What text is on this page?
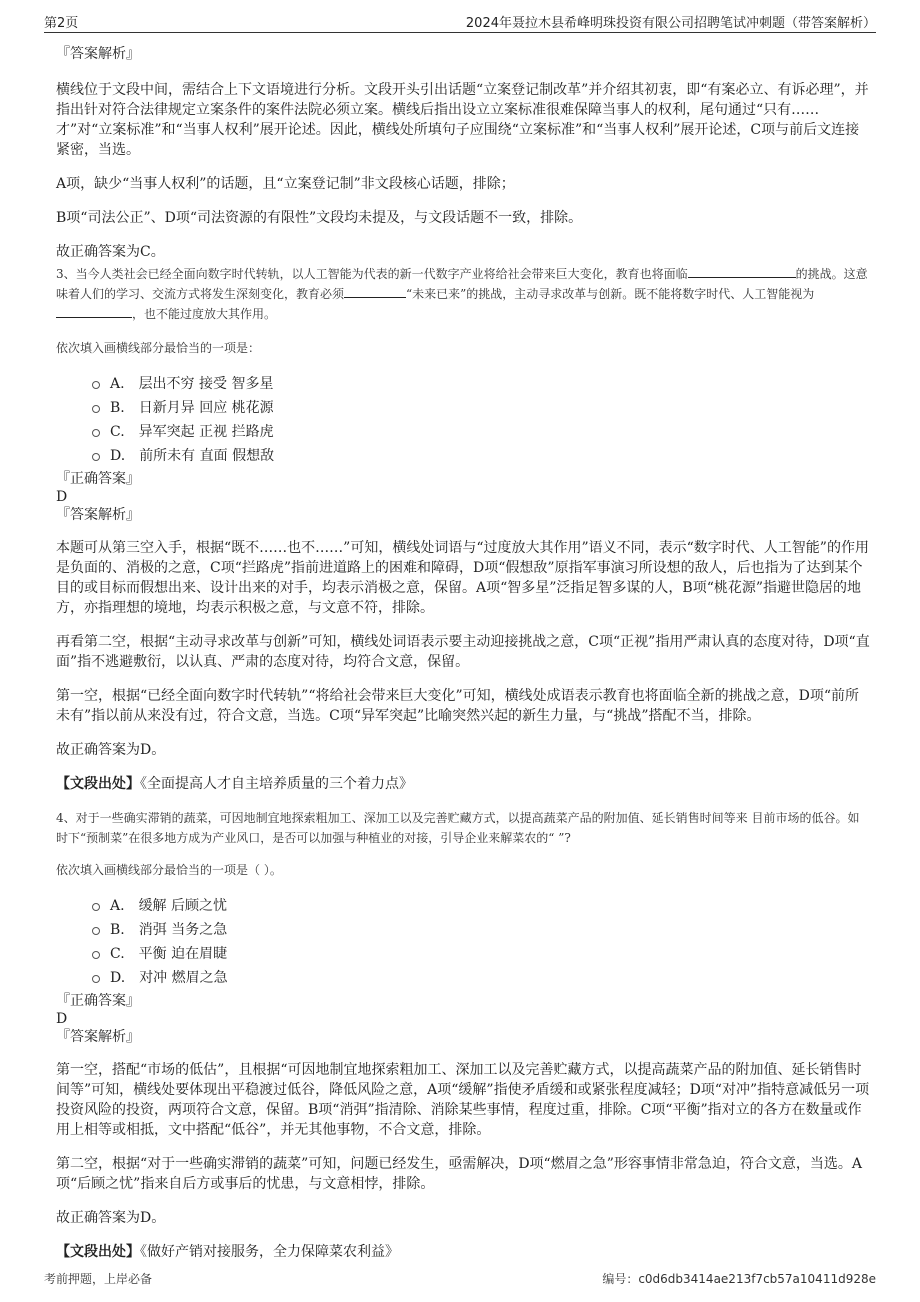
第2页	2024年聂拉木县希峰明珠投资有限公司招聘笔试冲刺题（带答案解析）

『答案解析』

横线位于文段中间，需结合上下文语境进行分析。文段开头引出话题“立案登记制改革”并介绍其初衷，即“有案必立、有诉必理”，并指出针对符合法律规定立案条件的案件法院必须立案。横线后指出设立立案标准很难保障当事人的权利，尾句通过“只有……才”对“立案标准”和“当事人权利”展开论述。因此，横线处所填句子应围绕“立案标准”和“当事人权利”展开论述，C项与前后文连接紧密，当选。

A项，缺少“当事人权利”的话题，且“立案登记制”非文段核心话题，排除；

B项“司法公正”、D项“司法资源的有限性”文段均未提及，与文段话题不一致，排除。

故正确答案为C。

3、当今人类社会已经全面向数字时代转轨，以人工智能为代表的新一代数字产业将给社会带来巨大变化，教育也将面临	的挑战。这意味着人们的学习、交流方式将发生深刻变化，教育必须	“未来已来”的挑战，主动寻求改革与创新。既不能将数字时代、人工智能视为，也不能过度放大其作用。

依次填入画横线部分最恰当的一项是：

A. 层出不穷 接受 智多星
B. 日新月异 回应 桃花源
C. 异军突起 正视 拦路虎
D. 前所未有 直面 假想敌

『正确答案』

D

『答案解析』

本题可从第三空入手，根据“既不……也不……”可知，横线处词语与“过度放大其作用”语义不同，表示“数字时代、人工智能”的作用是负面的、消极的之意，C项“拦路虎”指前进道路上的困难和障碍，D项“假想敌”原指军事演习所设想的敌人，后也指为了达到某个目的或目标而假想出来、设计出来的对手，均表示消极之意，保留。A项“智多星”泛指足智多谋的人，B项“桃花源”指避世隐居的地方，亦指理想的境地，均表示积极之意，与文意不符，排除。

再看第二空，根据“主动寻求改革与创新”可知，横线处词语表示要主动迎接挑战之意，C项“正视”指用严肃认真的态度对待，D项“直面”指不逃避敷衍，以认真、严肃的态度对待，均符合文意，保留。

第一空，根据“已经全面向数字时代转轨”“将给社会带来巨大变化”可知，横线处成语表示教育也将面临全新的挑战之意，D项“前所未有”指以前从来没有过，符合文意，当选。C项“异军突起”比喻突然兴起的新生力量，与“挑战”搭配不当，排除。

故正确答案为D。

【文段出处】《全面提高人才自主培养质量的三个着力点》

4、对于一些确实滞销的蔬菜，可因地制宜地探索粗加工、深加工以及完善贮藏方式，以提高蔬菜产品的附加值、延长销售时间等来 目前市场的低谷。如时下“预制菜”在很多地方成为产业风口，是否可以加强与种植业的对接，引导企业来解菜农的“ ”?

依次填入画横线部分最恰当的一项是（ ）。

A. 缓解 后顾之忧
B. 消弭 当务之急
C. 平衡 迫在眉睫
D. 对冲 燃眉之急

『正确答案』

D

『答案解析』

第一空，搭配“市场的低估”，且根据“可因地制宜地探索粗加工、深加工以及完善贮藏方式，以提高蔬菜产品的附加值、延长销售时间等”可知，横线处要体现出平稳渡过低谷，降低风险之意，A项“缓解”指使矛盾缓和或紧张程度减轻；D项“对冲”指特意减低另一项投资风险的投资，两项符合文意，保留。B项“消弭”指清除、消除某些事情，程度过重，排除。C项“平衡”指对立的各方在数量或作用上相等或相抵，文中搭配“低谷”，并无其他事物，不合文意，排除。

第二空，根据“对于一些确实滞销的蔬菜”可知，问题已经发生，亟需解决，D项“燃眉之急”形容事情非常急迫，符合文意，当选。A项“后顾之忧”指来自后方或事后的忧患，与文意相悖，排除。

故正确答案为D。

【文段出处】《做好产销对接服务，全力保障菜农利益》

考前押题，上岸必备	编号：c0d6db3414ae213f7cb57a10411d928e
